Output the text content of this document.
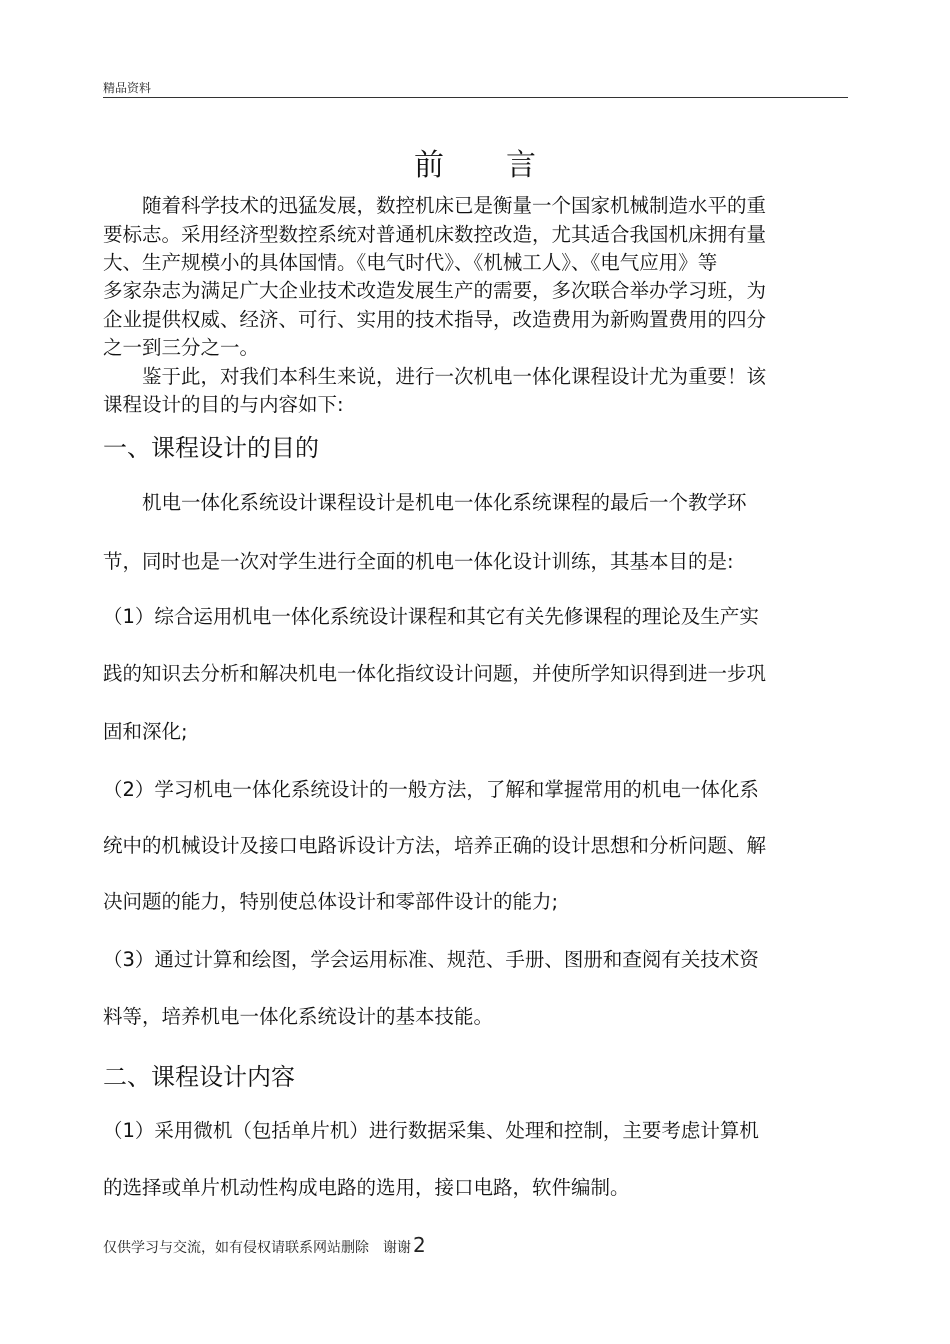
精品资料
前言
随着科学技术的迅猛发展，数控机床已是衡量一个国家机械制造水平的重
要标志。采用经济型数控系统对普通机床数控改造，尤其适合我国机床拥有量
大、生产规模小的具体国情。《电气时代》、《机械工人》、《电气应用》等
多家杂志为满足广大企业技术改造发展生产的需要，多次联合举办学习班，为
企业提供权威、经济、可行、实用的技术指导，改造费用为新购置费用的四分
之一到三分之一。
鉴于此，对我们本科生来说，进行一次机电一体化课程设计尤为重要！该
课程设计的目的与内容如下:
一、课程设计的目的
机电一体化系统设计课程设计是机电一体化系统课程的最后一个教学环
节，同时也是一次对学生进行全面的机电一体化设计训练，其基本目的是:
（1）综合运用机电一体化系统设计课程和其它有关先修课程的理论及生产实
践的知识去分析和解决机电一体化指纹设计问题，并使所学知识得到进一步巩
固和深化;
（2）学习机电一体化系统设计的一般方法，了解和掌握常用的机电一体化系
统中的机械设计及接口电路诉设计方法，培养正确的设计思想和分析问题、解
决问题的能力，特别使总体设计和零部件设计的能力;
（3）通过计算和绘图，学会运用标准、规范、手册、图册和查阅有关技术资
料等，培养机电一体化系统设计的基本技能。
二、课程设计内容
（1）采用微机（包括单片机）进行数据采集、处理和控制，主要考虑计算机
的选择或单片机动性构成电路的选用，接口电路，软件编制。
仅供学习与交流，如有侵权请联系网站删除　谢谢 2
